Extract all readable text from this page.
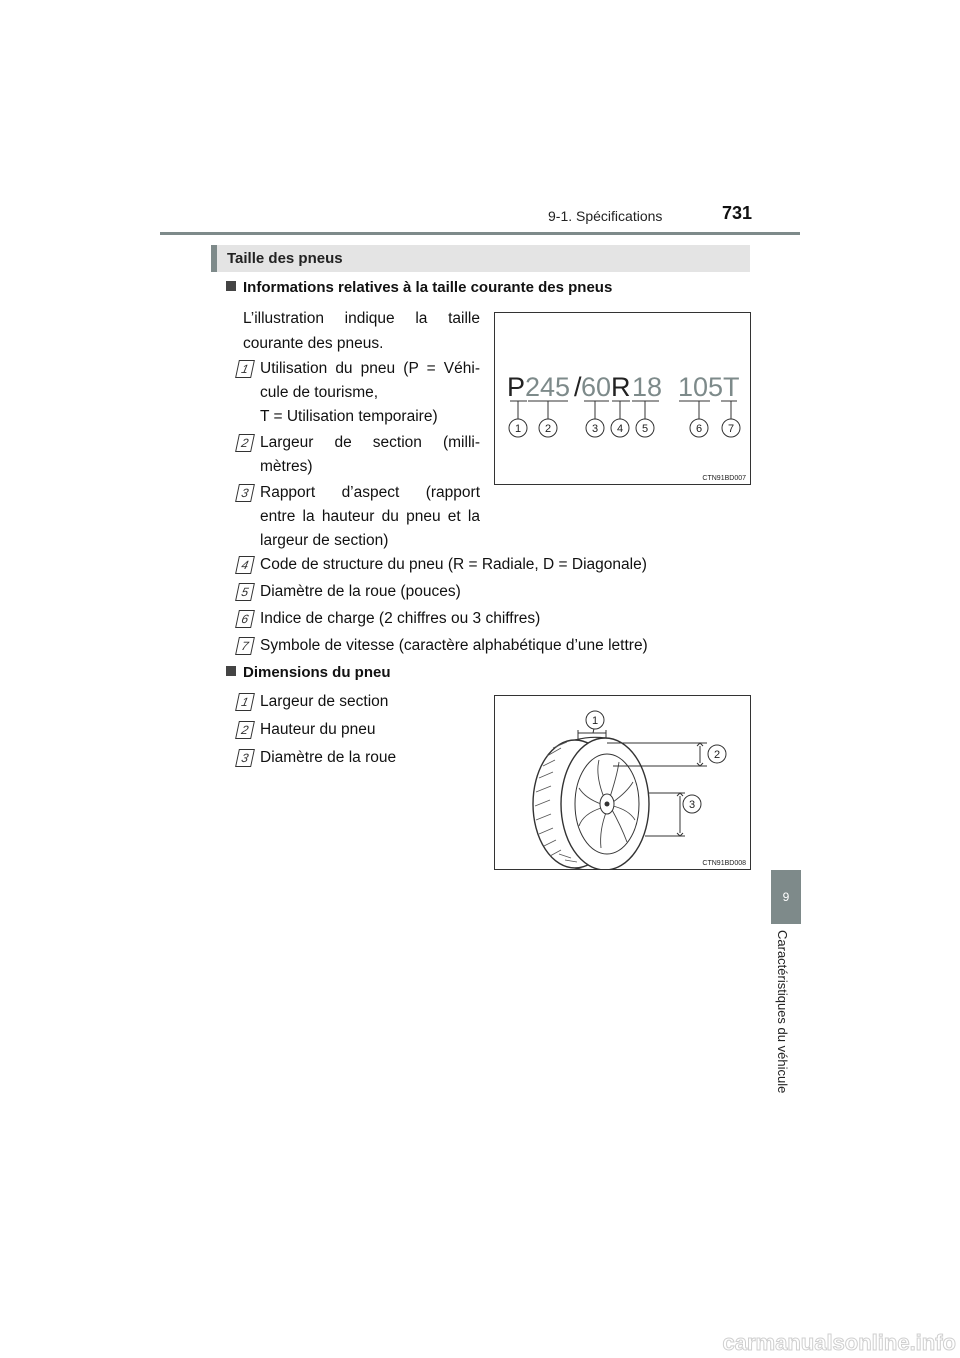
9-1. Spécifications	731
9
Caractéristiques du véhicule
Taille des pneus
Informations relatives à la taille courante des pneus
L’illustration indique la taille
courante des pneus.
1 Utilisation du pneu (P = Véhi-
cule de tourisme,
T = Utilisation temporaire)
2 Largeur de section (milli-
mètres)
3 Rapport d’aspect (rapport
entre la hauteur du pneu et la
largeur de section)
4 Code de structure du pneu (R = Radiale, D = Diagonale)
5 Diamètre de la roue (pouces)
6 Indice de charge (2 chiffres ou 3 chiffres)
7 Symbole de vitesse (caractère alphabétique d’une lettre)
P 245 / 60 R 18 105T
1 2	3 4 5	6 7
CTN91BD007
Dimensions du pneu
1 Largeur de section
2 Hauteur du pneu
3 Diamètre de la roue
1
2
3
CTN91BD008
carmanualsonline.info
